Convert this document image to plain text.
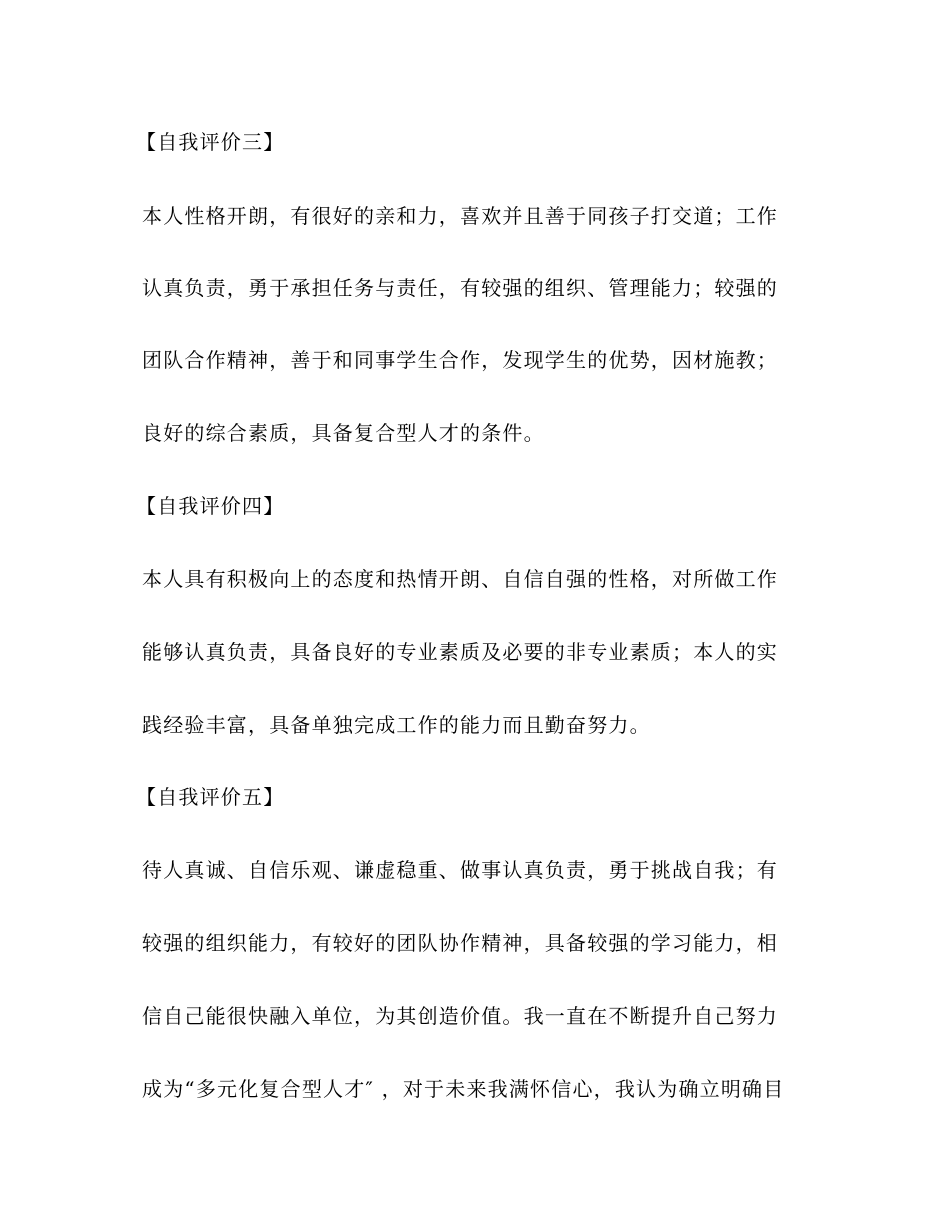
【自我评价三】
本人性格开朗，有很好的亲和力，喜欢并且善于同孩子打交道；工作
认真负责，勇于承担任务与责任，有较强的组织、管理能力；较强的
团队合作精神，善于和同事学生合作，发现学生的优势，因材施教；
良好的综合素质，具备复合型人才的条件。
【自我评价四】
本人具有积极向上的态度和热情开朗、自信自强的性格，对所做工作
能够认真负责，具备良好的专业素质及必要的非专业素质；本人的实
践经验丰富，具备单独完成工作的能力而且勤奋努力。
【自我评价五】
待人真诚、自信乐观、谦虚稳重、做事认真负责，勇于挑战自我；有
较强的组织能力，有较好的团队协作精神，具备较强的学习能力，相
信自己能很快融入单位，为其创造价值。我一直在不断提升自己努力
成为“多元化复合型人才″ ，对于未来我满怀信心，我认为确立明确目
